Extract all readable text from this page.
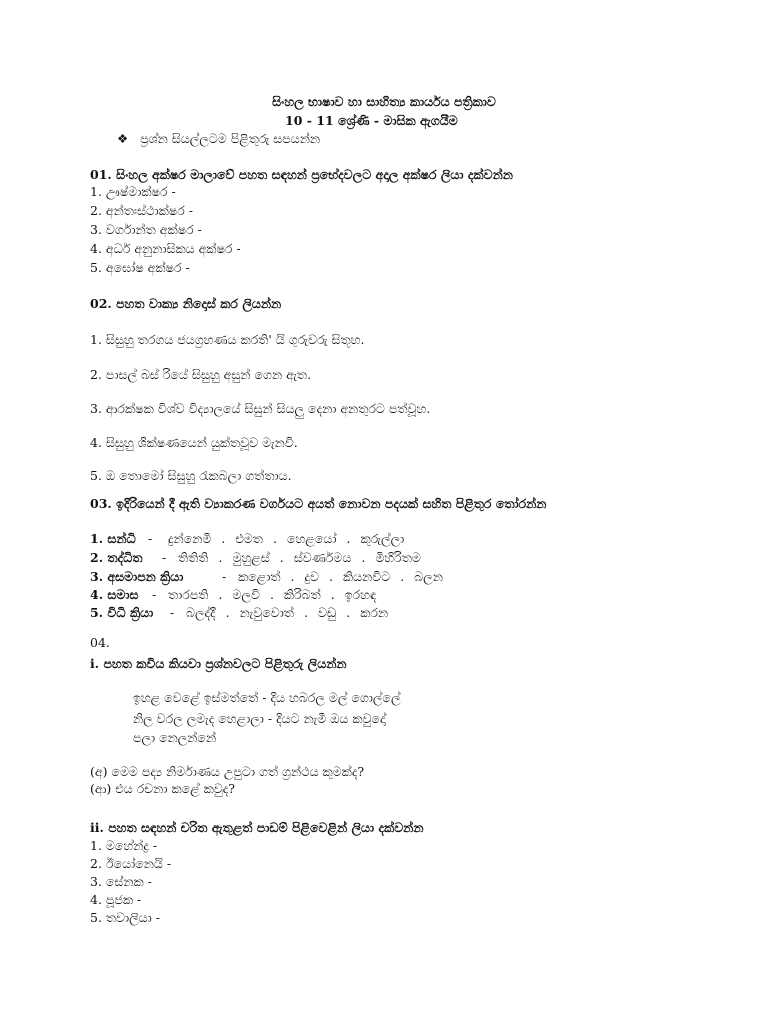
සිංහල භාෂාව හා සාහිත්‍ය කාර්යය පත්‍රිකාව
10 - 11 ශ්‍රේණි - මාසික ඇගයීම
❖ ප්‍රශ්න සියල්ලටම පිළිතුරු සපයන්න
01. සිංහල අක්ෂර මාලාවේ පහත සඳහන් ප්‍රභේදවලට අදාල අක්ෂර ලියා දක්වන්න
1. ඌෂ්මාක්ෂර -
2. අන්තඃස්ථාක්ෂර -
3. වර්ගාන්ත අක්ෂර -
4. අර්ධ අනුනාසිකය අක්ෂර -
5. අඝෝෂ අක්ෂර -
02. පහත වාක්‍ය නිදොස් කර ලියන්න
1. සිසුහු තරගය ජයග්‍රහණය කරති' යි ගුරුවරු සිතූහ.
2. පාසල් බස් රියේ සිසුහු අසුන් ගෙන ඇත.
3. ආරක්ෂක විශ්ව විද්‍යාලයේ සිසුන් සියලු දෙනා අනතුරට පත්වූහ.
4. සිසුහු ශික්ෂණයෙන් යුක්තවූව මැනවි.
5. ඔ තොමෝ සිසුහු රැකබලා ගත්තාය.
03. ඉදිරියෙන් දී ඇති ව්‍යාකරණ වර්ගයට අයත් නොවන පදයක් සහිත පිළිතුර තෝරන්න
1. සන්ධි - දුන්නෙමි . එමත . හෙළයෝ . කුරුල්ලා
2. තද්ධිත - තිතිති . මුහුළස් . ස්වර්ණමය . මිහිරිතම
3. අසමාපන ක්‍රියා	- කළොත් . දුව . කියනවිට . බලන
4. සමාස - තාරපති . මලවි . කිරිබත් . ඉරහඳ
5. විධි ක්‍රියා - බලද්දී . නැවුවොත් . වඩු . කරන
04.
i. පහත කවිය කියවා ප්‍රශ්නවලට පිළිතුරු ලියන්න
ඉහළ වෙළේ ඉස්මත්තේ - දිය හබරල මල් ගොල්ලේ
නිල වරල ලමැද හෙළාලා - දියට නැමී ඔය කවුදෝ
පලා නෙලන්නේ
(අ) මෙම පද්‍ය නිර්මාණය උපුටා ගත් ග්‍රන්ථය කුමක්ද?
(ආ) එය රචනා කළේ කවුද?
ii. පහත සඳහන් චරිත ඇතුළත් පාඩම් පිළිවෙළින් ලියා දක්වන්න
1. මහේන්ද්‍ර -
2. ඊයෝනෙයි -
3. සේනක -
4. පූජක -
5. තවාලියා -
